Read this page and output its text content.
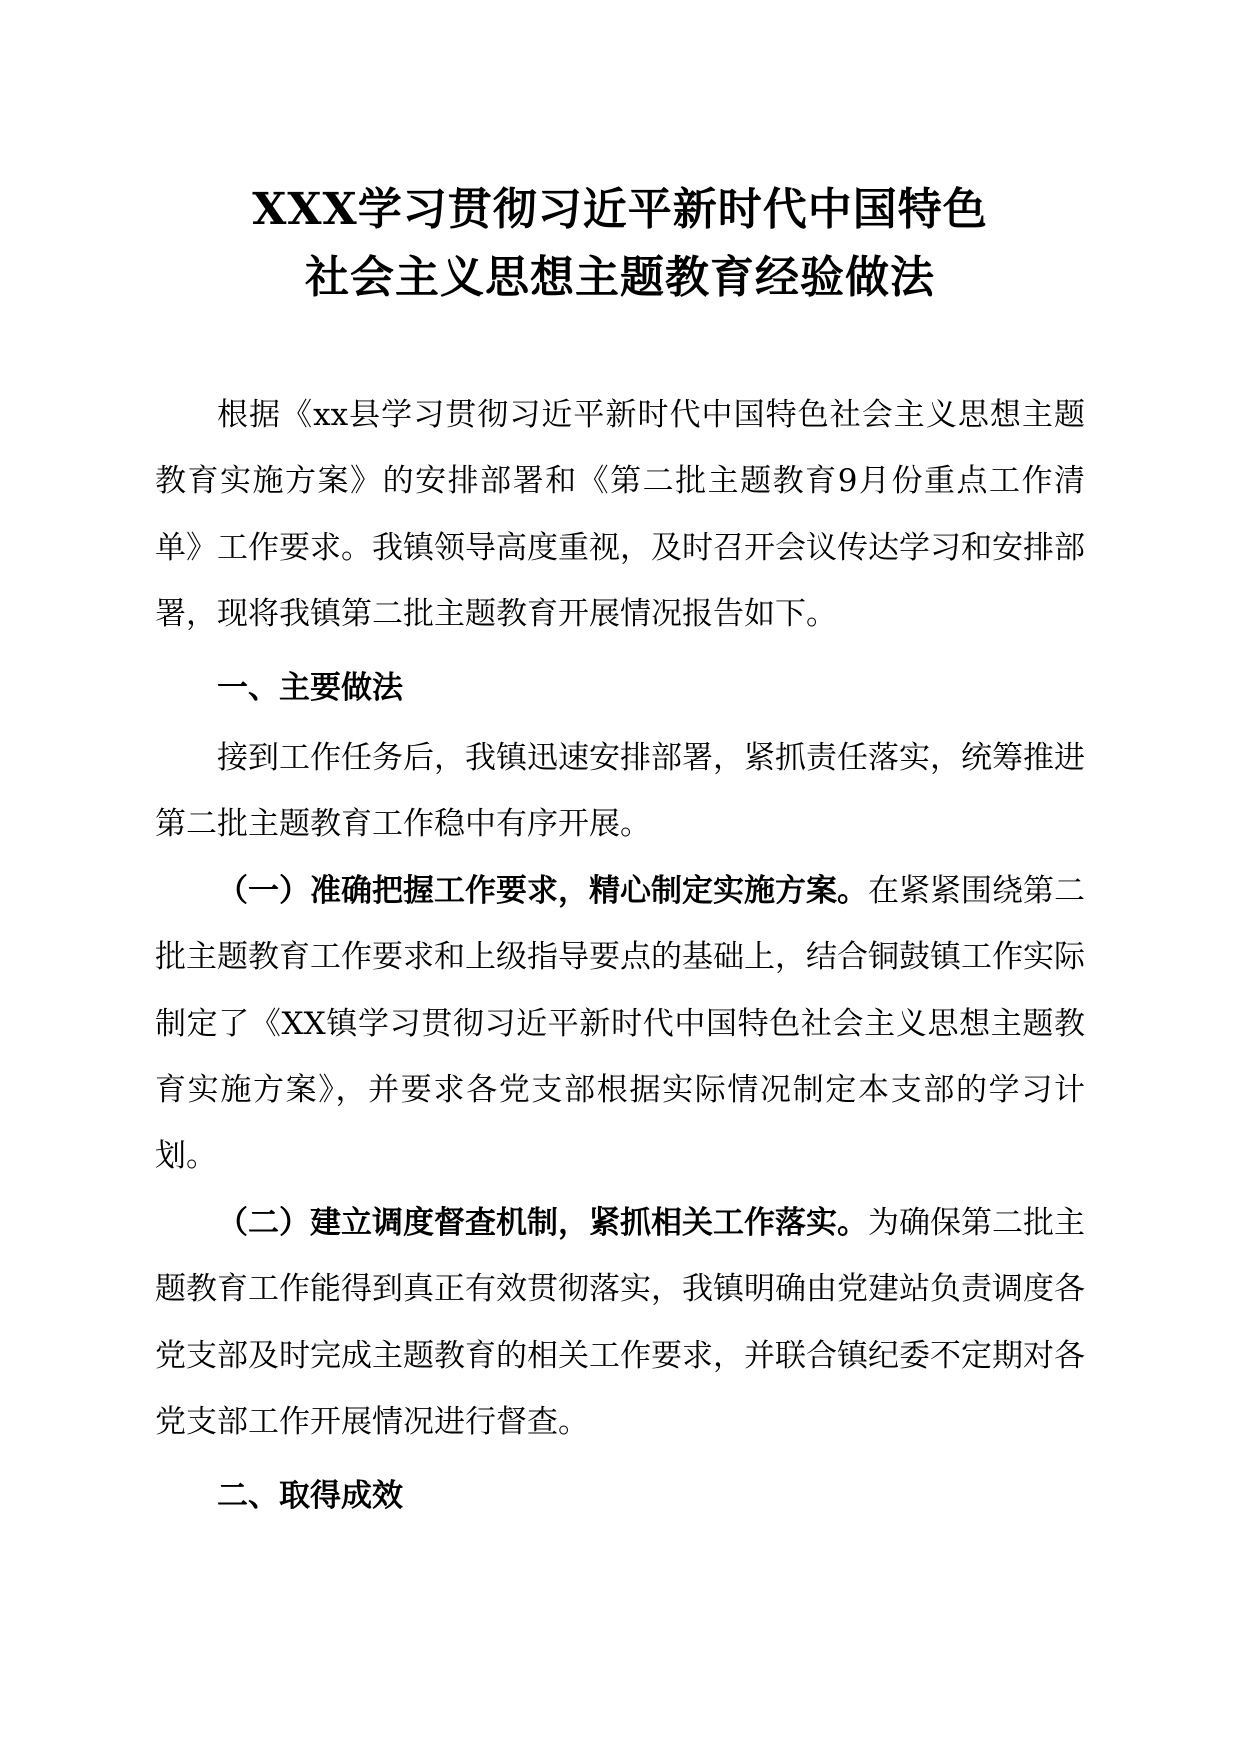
XXX学习贯彻习近平新时代中国特色
社会主义思想主题教育经验做法

根据《xx县学习贯彻习近平新时代中国特色社会主义思想主题教育实施方案》的安排部署和《第二批主题教育9月份重点工作清单》工作要求。我镇领导高度重视，及时召开会议传达学习和安排部署，现将我镇第二批主题教育开展情况报告如下。

一、主要做法

接到工作任务后，我镇迅速安排部署，紧抓责任落实，统筹推进第二批主题教育工作稳中有序开展。

（一）准确把握工作要求，精心制定实施方案。在紧紧围绕第二批主题教育工作要求和上级指导要点的基础上，结合铜鼓镇工作实际制定了《XX镇学习贯彻习近平新时代中国特色社会主义思想主题教育实施方案》，并要求各党支部根据实际情况制定本支部的学习计划。

（二）建立调度督查机制，紧抓相关工作落实。为确保第二批主题教育工作能得到真正有效贯彻落实，我镇明确由党建站负责调度各党支部及时完成主题教育的相关工作要求，并联合镇纪委不定期对各党支部工作开展情况进行督查。

二、取得成效
